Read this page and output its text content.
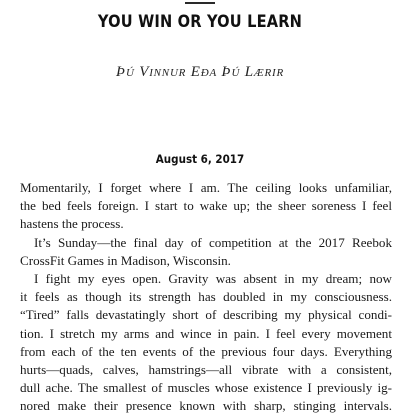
YOU WIN OR YOU LEARN
Þú Vinnur Eða Þú Lærir
August 6, 2017
Momentarily, I forget where I am. The ceiling looks unfamiliar,
the bed feels foreign. I start to wake up; the sheer soreness I feel
hastens the process.
It’s Sunday—the final day of competition at the 2017 Reebok
CrossFit Games in Madison, Wisconsin.
I fight my eyes open. Gravity was absent in my dream; now
it feels as though its strength has doubled in my consciousness.
“Tired” falls devastatingly short of describing my physical condi-
tion. I stretch my arms and wince in pain. I feel every movement
from each of the ten events of the previous four days. Everything
hurts—quads, calves, hamstrings—all vibrate with a consistent,
dull ache. The smallest of muscles whose existence I previously ig-
nored make their presence known with sharp, stinging intervals.
